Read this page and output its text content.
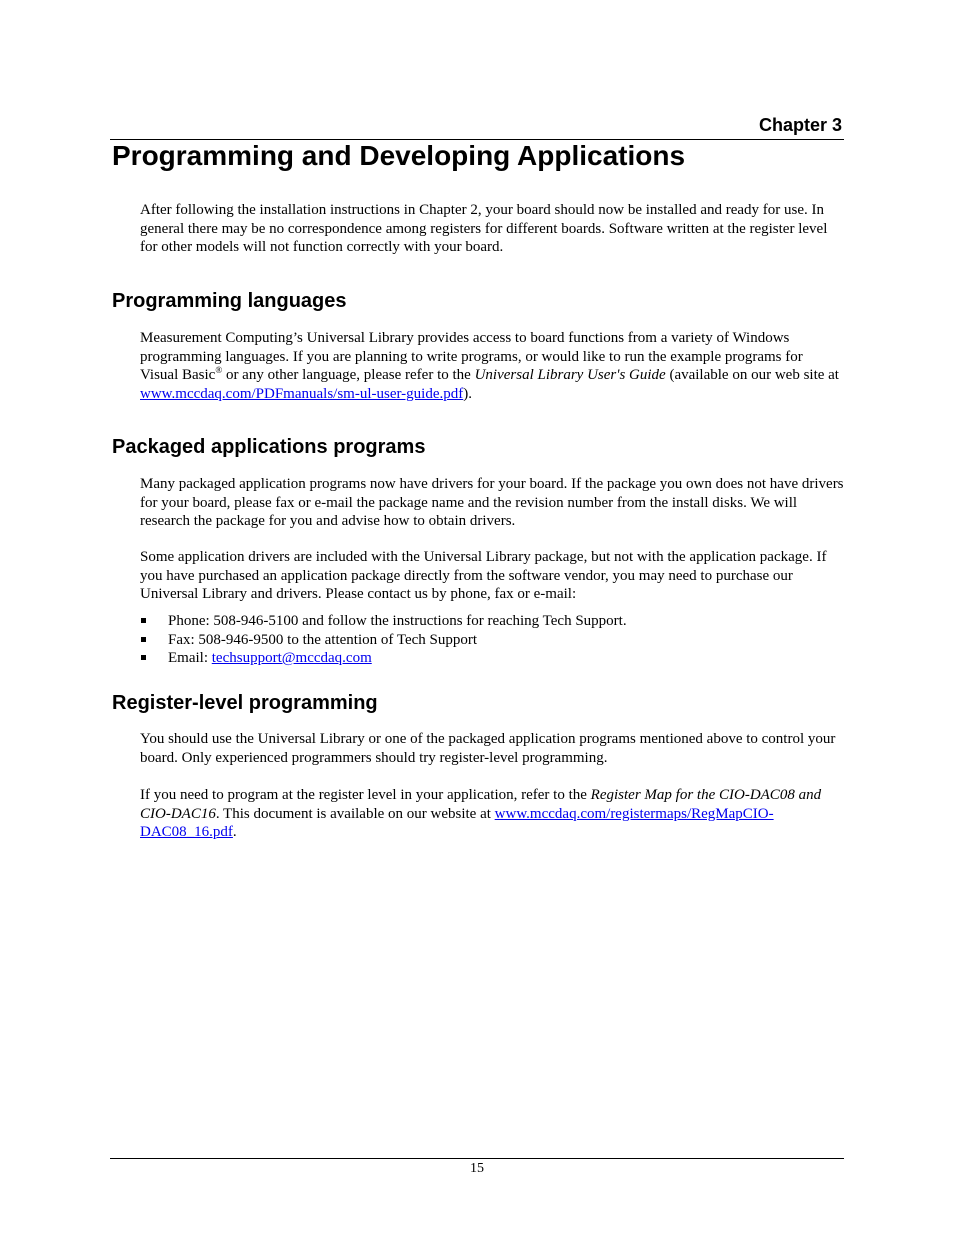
Chapter 3
Programming and Developing Applications

After following the installation instructions in Chapter 2, your board should now be installed and ready for use. In general there may be no correspondence among registers for different boards. Software written at the register level for other models will not function correctly with your board.

Programming languages

Measurement Computing’s Universal Library provides access to board functions from a variety of Windows programming languages. If you are planning to write programs, or would like to run the example programs for Visual Basic® or any other language, please refer to the Universal Library User's Guide (available on our web site at www.mccdaq.com/PDFmanuals/sm-ul-user-guide.pdf).

Packaged applications programs

Many packaged application programs now have drivers for your board. If the package you own does not have drivers for your board, please fax or e-mail the package name and the revision number from the install disks. We will research the package for you and advise how to obtain drivers.

Some application drivers are included with the Universal Library package, but not with the application package. If you have purchased an application package directly from the software vendor, you may need to purchase our Universal Library and drivers. Please contact us by phone, fax or e-mail:

Phone: 508-946-5100 and follow the instructions for reaching Tech Support.
Fax: 508-946-9500 to the attention of Tech Support
Email: techsupport@mccdaq.com
Register-level programming

You should use the Universal Library or one of the packaged application programs mentioned above to control your board. Only experienced programmers should try register-level programming.

If you need to program at the register level in your application, refer to the Register Map for the CIO-DAC08 and CIO-DAC16. This document is available on our website at www.mccdaq.com/registermaps/RegMapCIO-DAC08_16.pdf.

15
